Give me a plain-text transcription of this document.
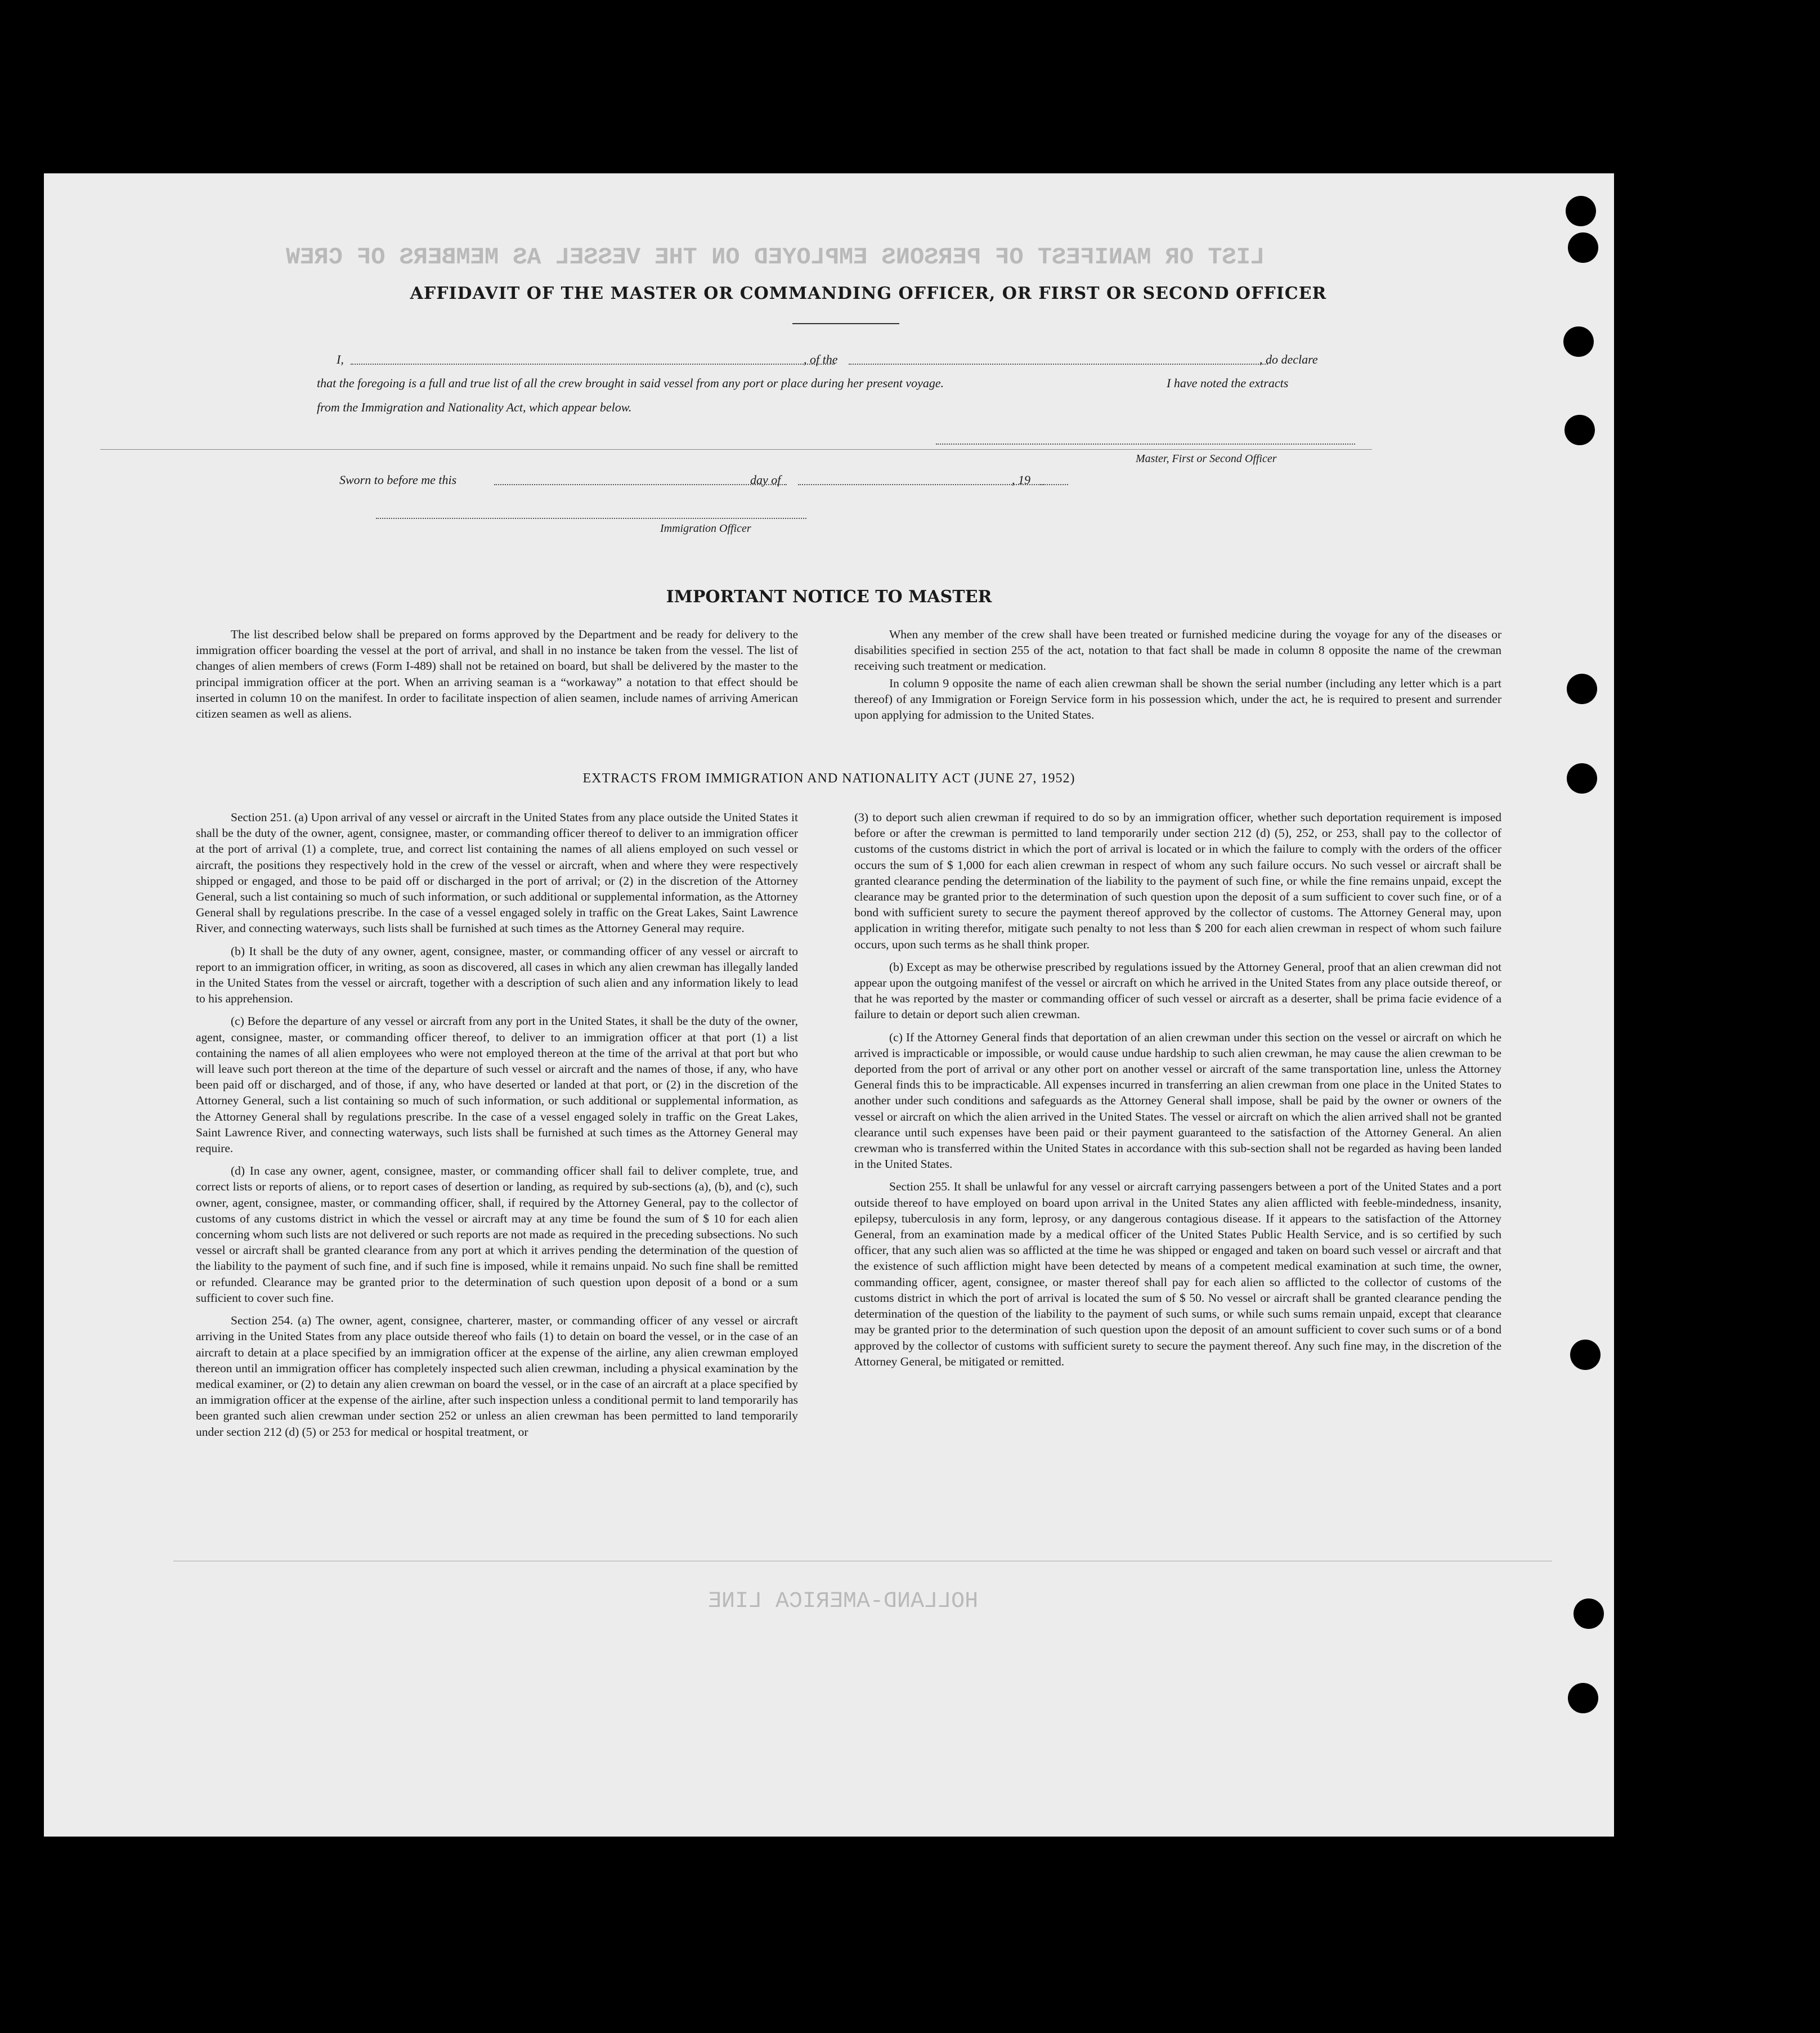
LIST OR MANIFEST OF PERSONS EMPLOYED ON THE VESSEL AS MEMBERS OF CREW
HOLLAND-AMERICA LINE
AFFIDAVIT OF THE MASTER OR COMMANDING OFFICER, OR FIRST OR SECOND OFFICER
I,	, of the	, do declare
that the foregoing is a full and true list of all the crew brought in said vessel from any port or place during her present voyage.	I have noted the extracts
from the Immigration and Nationality Act, which appear below.
Master, First or Second Officer
Sworn to before me this	day of	, 19
Immigration Officer
IMPORTANT NOTICE TO MASTER

The list described below shall be prepared on forms approved by the Department and be ready for delivery to the immigration officer boarding the vessel at the port of arrival, and shall in no instance be taken from the vessel. The list of changes of alien members of crews (Form I-489) shall not be retained on board, but shall be delivered by the master to the principal immigration officer at the port. When an arriving seaman is a “workaway” a notation to that effect should be inserted in column 10 on the manifest. In order to facilitate inspection of alien seamen, include names of arriving American citizen seamen as well as aliens.

When any member of the crew shall have been treated or furnished medicine during the voyage for any of the diseases or disabilities specified in section 255 of the act, notation to that fact shall be made in column 8 opposite the name of the crewman receiving such treatment or medication.

In column 9 opposite the name of each alien crewman shall be shown the serial number (including any letter which is a part thereof) of any Immigration or Foreign Service form in his possession which, under the act, he is required to present and surrender upon applying for admission to the United States.

EXTRACTS FROM IMMIGRATION AND NATIONALITY ACT (JUNE 27, 1952)

Section 251. (a) Upon arrival of any vessel or aircraft in the United States from any place outside the United States it shall be the duty of the owner, agent, consignee, master, or commanding officer thereof to deliver to an immigration officer at the port of arrival (1) a complete, true, and correct list containing the names of all aliens employed on such vessel or aircraft, the positions they respectively hold in the crew of the vessel or aircraft, when and where they were respectively shipped or engaged, and those to be paid off or discharged in the port of arrival; or (2) in the discretion of the Attorney General, such a list containing so much of such information, or such additional or supplemental information, as the Attorney General shall by regulations prescribe. In the case of a vessel engaged solely in traffic on the Great Lakes, Saint Lawrence River, and connecting waterways, such lists shall be furnished at such times as the Attorney General may require.

(b) It shall be the duty of any owner, agent, consignee, master, or commanding officer of any vessel or aircraft to report to an immigration officer, in writing, as soon as discovered, all cases in which any alien crewman has illegally landed in the United States from the vessel or aircraft, together with a description of such alien and any information likely to lead to his apprehension.

(c) Before the departure of any vessel or aircraft from any port in the United States, it shall be the duty of the owner, agent, consignee, master, or commanding officer thereof, to deliver to an immigration officer at that port (1) a list containing the names of all alien employees who were not employed thereon at the time of the arrival at that port but who will leave such port thereon at the time of the departure of such vessel or aircraft and the names of those, if any, who have been paid off or discharged, and of those, if any, who have deserted or landed at that port, or (2) in the discretion of the Attorney General, such a list containing so much of such information, or such additional or supplemental information, as the Attorney General shall by regulations prescribe. In the case of a vessel engaged solely in traffic on the Great Lakes, Saint Lawrence River, and connecting waterways, such lists shall be furnished at such times as the Attorney General may require.

(d) In case any owner, agent, consignee, master, or commanding officer shall fail to deliver complete, true, and correct lists or reports of aliens, or to report cases of desertion or landing, as required by sub-sections (a), (b), and (c), such owner, agent, consignee, master, or commanding officer, shall, if required by the Attorney General, pay to the collector of customs of any customs district in which the vessel or aircraft may at any time be found the sum of $ 10 for each alien concerning whom such lists are not delivered or such reports are not made as required in the preceding subsections. No such vessel or aircraft shall be granted clearance from any port at which it arrives pending the determination of the question of the liability to the payment of such fine, and if such fine is imposed, while it remains unpaid. No such fine shall be remitted or refunded. Clearance may be granted prior to the determination of such question upon deposit of a bond or a sum sufficient to cover such fine.

Section 254. (a) The owner, agent, consignee, charterer, master, or commanding officer of any vessel or aircraft arriving in the United States from any place outside thereof who fails (1) to detain on board the vessel, or in the case of an aircraft to detain at a place specified by an immigration officer at the expense of the airline, any alien crewman employed thereon until an immigration officer has completely inspected such alien crewman, including a physical examination by the medical examiner, or (2) to detain any alien crewman on board the vessel, or in the case of an aircraft at a place specified by an immigration officer at the expense of the airline, after such inspection unless a conditional permit to land temporarily has been granted such alien crewman under section 252 or unless an alien crewman has been permitted to land temporarily under section 212 (d) (5) or 253 for medical or hospital treatment, or

(3) to deport such alien crewman if required to do so by an immigration officer, whether such deportation requirement is imposed before or after the crewman is permitted to land temporarily under section 212 (d) (5), 252, or 253, shall pay to the collector of customs of the customs district in which the port of arrival is located or in which the failure to comply with the orders of the officer occurs the sum of $ 1,000 for each alien crewman in respect of whom any such failure occurs. No such vessel or aircraft shall be granted clearance pending the determination of the liability to the payment of such fine, or while the fine remains unpaid, except the clearance may be granted prior to the determination of such question upon the deposit of a sum sufficient to cover such fine, or of a bond with sufficient surety to secure the payment thereof approved by the collector of customs. The Attorney General may, upon application in writing therefor, mitigate such penalty to not less than $ 200 for each alien crewman in respect of whom such failure occurs, upon such terms as he shall think proper.

(b) Except as may be otherwise prescribed by regulations issued by the Attorney General, proof that an alien crewman did not appear upon the outgoing manifest of the vessel or aircraft on which he arrived in the United States from any place outside thereof, or that he was reported by the master or commanding officer of such vessel or aircraft as a deserter, shall be prima facie evidence of a failure to detain or deport such alien crewman.

(c) If the Attorney General finds that deportation of an alien crewman under this section on the vessel or aircraft on which he arrived is impracticable or impossible, or would cause undue hardship to such alien crewman, he may cause the alien crewman to be deported from the port of arrival or any other port on another vessel or aircraft of the same transportation line, unless the Attorney General finds this to be impracticable. All expenses incurred in transferring an alien crewman from one place in the United States to another under such conditions and safeguards as the Attorney General shall impose, shall be paid by the owner or owners of the vessel or aircraft on which the alien arrived in the United States. The vessel or aircraft on which the alien arrived shall not be granted clearance until such expenses have been paid or their payment guaranteed to the satisfaction of the Attorney General. An alien crewman who is transferred within the United States in accordance with this sub-section shall not be regarded as having been landed in the United States.

Section 255. It shall be unlawful for any vessel or aircraft carrying passengers between a port of the United States and a port outside thereof to have employed on board upon arrival in the United States any alien afflicted with feeble-mindedness, insanity, epilepsy, tuberculosis in any form, leprosy, or any dangerous contagious disease. If it appears to the satisfaction of the Attorney General, from an examination made by a medical officer of the United States Public Health Service, and is so certified by such officer, that any such alien was so afflicted at the time he was shipped or engaged and taken on board such vessel or aircraft and that the existence of such affliction might have been detected by means of a competent medical examination at such time, the owner, commanding officer, agent, consignee, or master thereof shall pay for each alien so afflicted to the collector of customs of the customs district in which the port of arrival is located the sum of $ 50. No vessel or aircraft shall be granted clearance pending the determination of the question of the liability to the payment of such sums, or while such sums remain unpaid, except that clearance may be granted prior to the determination of such question upon the deposit of an amount sufficient to cover such sums or of a bond approved by the collector of customs with sufficient surety to secure the payment thereof. Any such fine may, in the discretion of the Attorney General, be mitigated or remitted.
